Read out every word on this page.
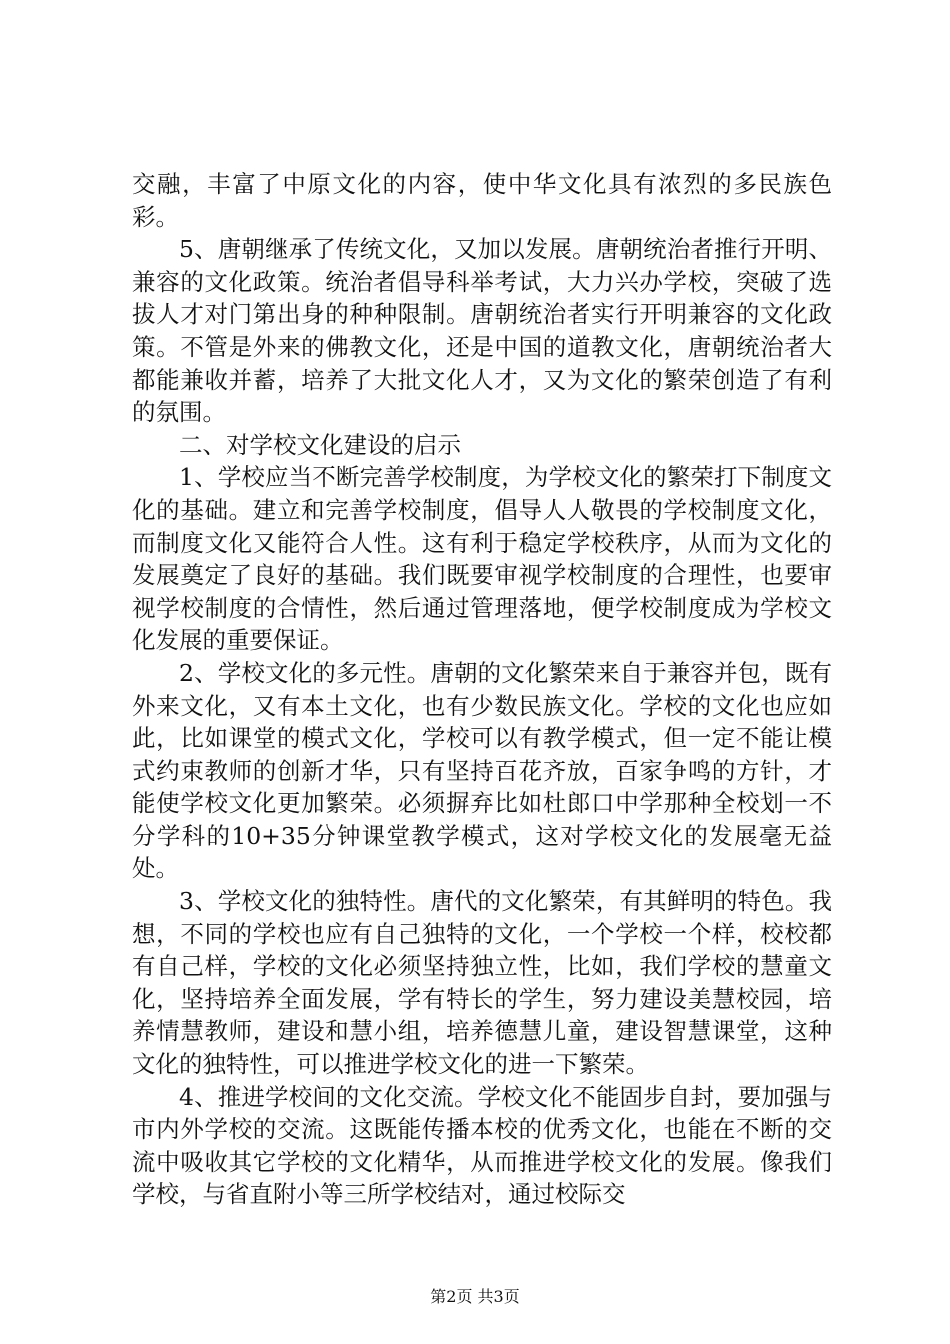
交融，丰富了中原文化的内容，使中华文化具有浓烈的多民族色彩。

5、唐朝继承了传统文化，又加以发展。唐朝统治者推行开明、兼容的文化政策。统治者倡导科举考试，大力兴办学校，突破了选拔人才对门第出身的种种限制。唐朝统治者实行开明兼容的文化政策。不管是外来的佛教文化，还是中国的道教文化，唐朝统治者大都能兼收并蓄，培养了大批文化人才，又为文化的繁荣创造了有利的氛围。

二、对学校文化建设的启示

1、学校应当不断完善学校制度，为学校文化的繁荣打下制度文化的基础。建立和完善学校制度，倡导人人敬畏的学校制度文化，而制度文化又能符合人性。这有利于稳定学校秩序，从而为文化的发展奠定了良好的基础。我们既要审视学校制度的合理性，也要审视学校制度的合情性，然后通过管理落地，便学校制度成为学校文化发展的重要保证。

2、学校文化的多元性。唐朝的文化繁荣来自于兼容并包，既有外来文化，又有本土文化，也有少数民族文化。学校的文化也应如此，比如课堂的模式文化，学校可以有教学模式，但一定不能让模式约束教师的创新才华，只有坚持百花齐放，百家争鸣的方针，才能使学校文化更加繁荣。必须摒弃比如杜郎口中学那种全校划一不分学科的10+35分钟课堂教学模式，这对学校文化的发展毫无益处。

3、学校文化的独特性。唐代的文化繁荣，有其鲜明的特色。我想，不同的学校也应有自己独特的文化，一个学校一个样，校校都有自己样，学校的文化必须坚持独立性，比如，我们学校的慧童文化，坚持培养全面发展，学有特长的学生，努力建设美慧校园，培养情慧教师，建设和慧小组，培养德慧儿童，建设智慧课堂，这种文化的独特性，可以推进学校文化的进一下繁荣。

4、推进学校间的文化交流。学校文化不能固步自封，要加强与市内外学校的交流。这既能传播本校的优秀文化，也能在不断的交流中吸收其它学校的文化精华，从而推进学校文化的发展。像我们学校，与省直附小等三所学校结对，通过校际交

第2页 共3页
